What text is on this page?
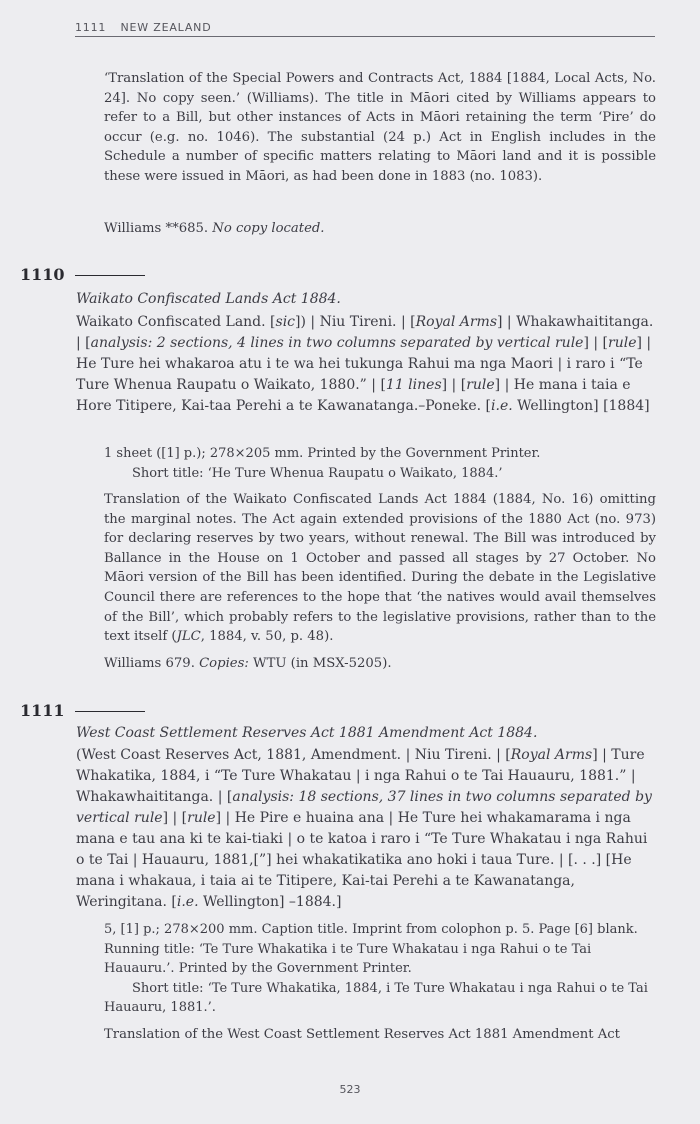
1111 NEW ZEALAND

‘Translation of the Special Powers and Contracts Act, 1884 [1884, Local Acts, No. 24]. No copy seen.’ (Williams). The title in Māori cited by Williams appears to refer to a Bill, but other instances of Acts in Māori retaining the term ‘Pire’ do occur (e.g. no. 1046). The substantial (24 p.) Act in English includes in the Schedule a number of specific matters relating to Māori land and it is possible these were issued in Māori, as had been done in 1883 (no. 1083).

Williams **685. No copy located.

1110

Waikato Confiscated Lands Act 1884.

Waikato Confiscated Land. [sic]) | Niu Tireni. | [Royal Arms] | Whakawhaititanga. | [analysis: 2 sections, 4 lines in two columns separated by vertical rule] | [rule] | He Ture hei whakaroa atu i te wa hei tukunga Rahui ma nga Maori | i raro i “Te Ture Whenua Raupatu o Waikato, 1880.” | [11 lines] | [rule] | He mana i taia e Hore Titipere, Kai-taa Perehi a te Kawanatanga.–Poneke. [i.e. Wellington] [1884]

1 sheet ([1] p.); 278×205 mm. Printed by the Government Printer.
Short title: ‘He Ture Whenua Raupatu o Waikato, 1884.’

Translation of the Waikato Confiscated Lands Act 1884 (1884, No. 16) omitting the marginal notes. The Act again extended provisions of the 1880 Act (no. 973) for declaring reserves by two years, without renewal. The Bill was introduced by Ballance in the House on 1 October and passed all stages by 27 October. No Māori version of the Bill has been identified. During the debate in the Legislative Council there are references to the hope that ‘the natives would avail themselves of the Bill’, which probably refers to the legislative provisions, rather than to the text itself (JLC, 1884, v. 50, p. 48).

Williams 679. Copies: WTU (in MSX-5205).

1111

West Coast Settlement Reserves Act 1881 Amendment Act 1884.

(West Coast Reserves Act, 1881, Amendment. | Niu Tireni. | [Royal Arms] | Ture Whakatika, 1884, i “Te Ture Whakatau | i nga Rahui o te Tai Hauauru, 1881.” | Whakawhaititanga. | [analysis: 18 sections, 37 lines in two columns separated by vertical rule] | [rule] | He Pire e huaina ana | He Ture hei whakamarama i nga mana e tau ana ki te kai-tiaki | o te katoa i raro i “Te Ture Whakatau i nga Rahui o te Tai | Hauauru, 1881,[”] hei whakatikatika ano hoki i taua Ture. | [. . .] [He mana i whakaua, i taia ai te Titipere, Kai-tai Perehi a te Kawanatanga, Weringitana. [i.e. Wellington] –1884.]

5, [1] p.; 278×200 mm. Caption title. Imprint from colophon p. 5. Page [6] blank. Running title: ‘Te Ture Whakatika i te Ture Whakatau i nga Rahui o te Tai Hauauru.’. Printed by the Government Printer.
Short title: ‘Te Ture Whakatika, 1884, i Te Ture Whakatau i nga Rahui o te Tai Hauauru, 1881.’.

Translation of the West Coast Settlement Reserves Act 1881 Amendment Act

523
